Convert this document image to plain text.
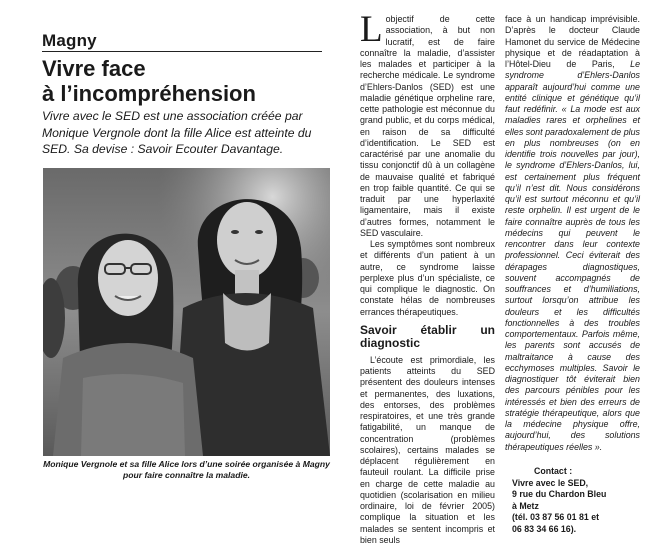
Magny
Vivre face
à l’incompréhension

Vivre avec le SED est une association créée par Monique Vergnole dont la fille Alice est atteinte du SED. Sa devise : Savoir Ecouter Davantage.

Monique Vergnole et sa fille Alice lors d’une soirée organisée à Magny pour faire connaître la maladie.

Lobjectif de cette association, à but non lucratif, est de faire connaître la maladie, d’assister les malades et participer à la recherche médicale. Le syndrome d’Ehlers-Danlos (SED) est une maladie génétique orpheline rare, cette pathologie est méconnue du grand public, et du corps médical, en raison de sa difficulté d’identification. Le SED est caractérisé par une anomalie du tissu conjonctif dû à un collagène de mauvaise qualité et fabriqué en trop faible quantité. Ce qui se traduit par une hyperlaxité ligamentaire, mais il existe d’autres formes, notamment le SED vasculaire.

Les symptômes sont nombreux et différents d’un patient à un autre, ce syndrome laisse perplexe plus d’un spécialiste, ce qui complique le diagnostic. On constate hélas de nombreuses errances thérapeutiques.

Savoir établir un diagnostic

L’écoute est primordiale, les patients atteints du SED présentent des douleurs intenses et permanentes, des luxations, des entorses, des problèmes respiratoires, et une très grande fatigabilité, un manque de concentration (problèmes scolaires), certains malades se déplacent régulièrement en fauteuil roulant. La difficile prise en charge de cette maladie au quotidien (scolarisation en milieu ordinaire, loi de février 2005) complique la situation et les malades se sentent incompris et bien seuls

face à un handicap imprévisible. D’après le docteur Claude Hamonet du service de Médecine physique et de réadaptation à l’Hôtel-Dieu de Paris, Le syndrome d’Ehlers-Danlos apparaît aujourd’hui comme une entité clinique et génétique qu’il faut redéfinir. « La mode est aux maladies rares et orphelines et elles sont paradoxalement de plus en plus nombreuses (on en identifie trois nouvelles par jour), le syndrome d’Ehlers-Danlos, lui, est certainement plus fréquent qu’il n’est dit. Nous considérons qu’il est surtout méconnu et qu’il reste orphelin. Il est urgent de le faire connaître auprès de tous les médecins qui peuvent le rencontrer dans leur contexte professionnel. Ceci éviterait des dérapages diagnostiques, souvent accompagnés de souffrances et d’humiliations, surtout lorsqu’on attribue les douleurs et les difficultés fonctionnelles à des troubles comportementaux. Parfois même, les parents sont accusés de maltraitance à cause des ecchymoses multiples. Savoir le diagnostiquer tôt éviterait bien des parcours pénibles pour les intéressés et bien des erreurs de stratégie thérapeutique, alors que la médecine physique offre, aujourd’hui, des solutions thérapeutiques réelles ».

Contact :
Vivre avec le SED,
9 rue du Chardon Bleu
à Metz
(tél. 03 87 56 01 81 et
06 83 34 66 16).
